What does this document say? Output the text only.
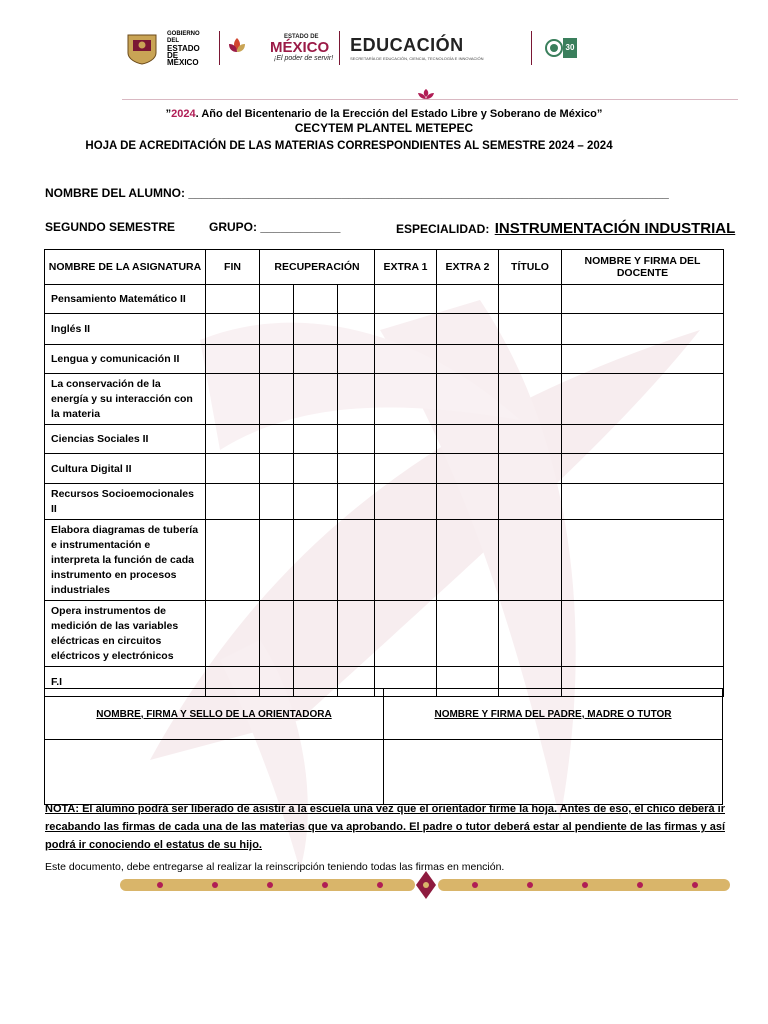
GOBIERNO DEL
ESTADO DE
MÉXICO
ESTADO DE
MÉXICO
¡El poder de servir!
EDUCACIÓN
SECRETARÍA DE EDUCACIÓN, CIENCIA, TECNOLOGÍA E INNOVACIÓN
30
”2024. Año del Bicentenario de la Erección del Estado Libre y Soberano de México”
CECYTEM PLANTEL METEPEC
HOJA DE ACREDITACIÓN DE LAS MATERIAS CORRESPONDIENTES AL SEMESTRE 2024 – 2024
NOMBRE DEL ALUMNO: ________________________________________________________________________
SEGUNDO SEMESTRE	GRUPO: ____________	ESPECIALIDAD: INSTRUMENTACIÓN INDUSTRIAL
NOMBRE DE LA ASIGNATURA	FIN	RECUPERACIÓN			EXTRA 1	EXTRA 2	TÍTULO	NOMBRE Y FIRMA DEL DOCENTE
Pensamiento Matemático II								
Inglés II								
Lengua y comunicación II								
La conservación de la energía y su interacción con la materia								
Ciencias Sociales II								
Cultura Digital II								
Recursos Socioemocionales II								
Elabora diagramas de tubería e instrumentación e interpreta la función de cada instrumento en procesos industriales								
Opera instrumentos de medición de las variables eléctricas en circuitos eléctricos y electrónicos								
F.I								
NOMBRE, FIRMA Y SELLO DE LA ORIENTADORA	NOMBRE Y FIRMA DEL PADRE, MADRE O TUTOR

NOTA: El alumno podrá ser liberado de asistir a la escuela una vez que el orientador firme la hoja. Antes de eso, el chico deberá ir recabando las firmas de cada una de las materias que va aprobando. El padre o tutor deberá estar al pendiente de las firmas y así podrá ir conociendo el estatus de su hijo.
Este documento, debe entregarse al realizar la reinscripción teniendo todas las firmas en mención.
